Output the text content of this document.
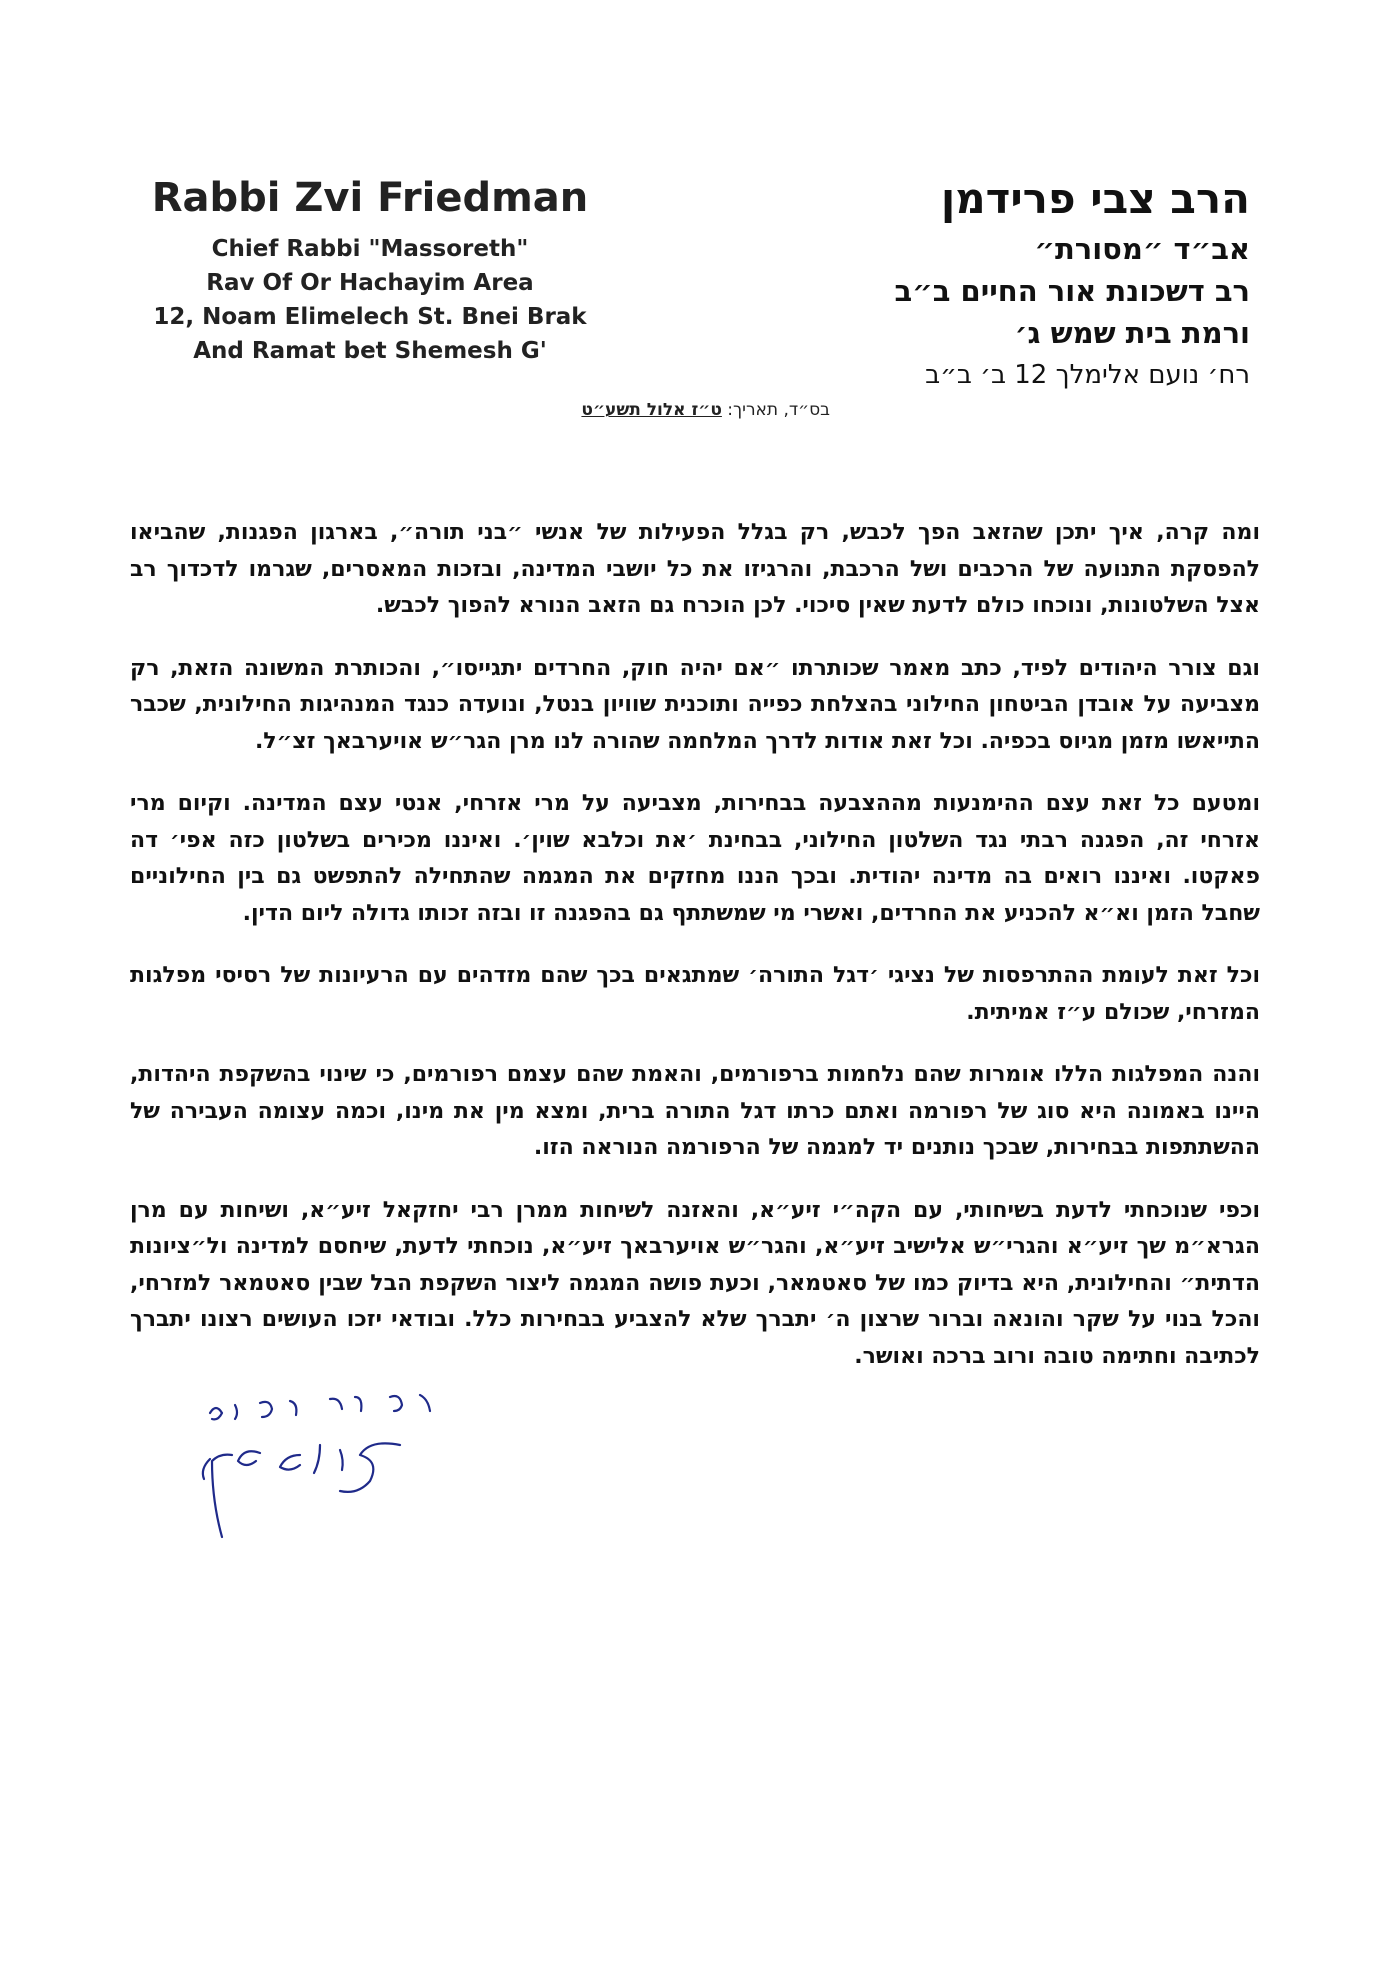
Rabbi Zvi Friedman
Chief Rabbi "Massoreth"
Rav Of Or Hachayim Area
12, Noam Elimelech St. Bnei Brak
And Ramat bet Shemesh G'
הרב צבי פרידמן
אב״ד ״מסורת״
רב דשכונת אור החיים ב״ב
ורמת בית שמש ג׳
רח׳ נועם אלימלך 12 ב׳ ב״ב
בס״ד, תאריך: ט״ז אלול תשע״ט

ומה קרה, איך יתכן שהזאב הפך לכבש, רק בגלל הפעילות של אנשי ״בני תורה״, בארגון הפגנות, שהביאו להפסקת התנועה של הרכבים ושל הרכבת, והרגיזו את כל יושבי המדינה, ובזכות המאסרים, שגרמו לדכדוך רב אצל השלטונות, ונוכחו כולם לדעת שאין סיכוי. לכן הוכרח גם הזאב הנורא להפוך לכבש.

וגם צורר היהודים לפיד, כתב מאמר שכותרתו ״אם יהיה חוק, החרדים יתגייסו״, והכותרת המשונה הזאת, רק מצביעה על אובדן הביטחון החילוני בהצלחת כפייה ותוכנית שוויון בנטל, ונועדה כנגד המנהיגות החילונית, שכבר התייאשו מזמן מגיוס בכפיה. וכל זאת אודות לדרך המלחמה שהורה לנו מרן הגר״ש אויערבאך זצ״ל.

ומטעם כל זאת עצם ההימנעות מההצבעה בבחירות, מצביעה על מרי אזרחי, אנטי עצם המדינה. וקיום מרי אזרחי זה, הפגנה רבתי נגד השלטון החילוני, בבחינת ׳את וכלבא שוין׳. ואיננו מכירים בשלטון כזה אפי׳ דה פאקטו. ואיננו רואים בה מדינה יהודית. ובכך הננו מחזקים את המגמה שהתחילה להתפשט גם בין החילוניים שחבל הזמן וא״א להכניע את החרדים, ואשרי מי שמשתתף גם בהפגנה זו ובזה זכותו גדולה ליום הדין.

וכל זאת לעומת ההתרפסות של נציגי ׳דגל התורה׳ שמתגאים בכך שהם מזדהים עם הרעיונות של רסיסי מפלגות המזרחי, שכולם ע״ז אמיתית.

והנה המפלגות הללו אומרות שהם נלחמות ברפורמים, והאמת שהם עצמם רפורמים, כי שינוי בהשקפת היהדות, היינו באמונה היא סוג של רפורמה ואתם כרתו דגל התורה ברית, ומצא מין את מינו, וכמה עצומה העבירה של ההשתתפות בבחירות, שבכך נותנים יד למגמה של הרפורמה הנוראה הזו.

וכפי שנוכחתי לדעת בשיחותי, עם הקה״י זיע״א, והאזנה לשיחות ממרן רבי יחזקאל זיע״א, ושיחות עם מרן הגרא״מ שך זיע״א והגרי״ש אלישיב זיע״א, והגר״ש אויערבאך זיע״א, נוכחתי לדעת, שיחסם למדינה ול״ציונות הדתית״ והחילונית, היא בדיוק כמו של סאטמאר, וכעת פושה המגמה ליצור השקפת הבל שבין סאטמאר למזרחי, והכל בנוי על שקר והונאה וברור שרצון ה׳ יתברך שלא להצביע בבחירות כלל. ובודאי יזכו העושים רצונו יתברך לכתיבה וחתימה טובה ורוב ברכה ואושר.
